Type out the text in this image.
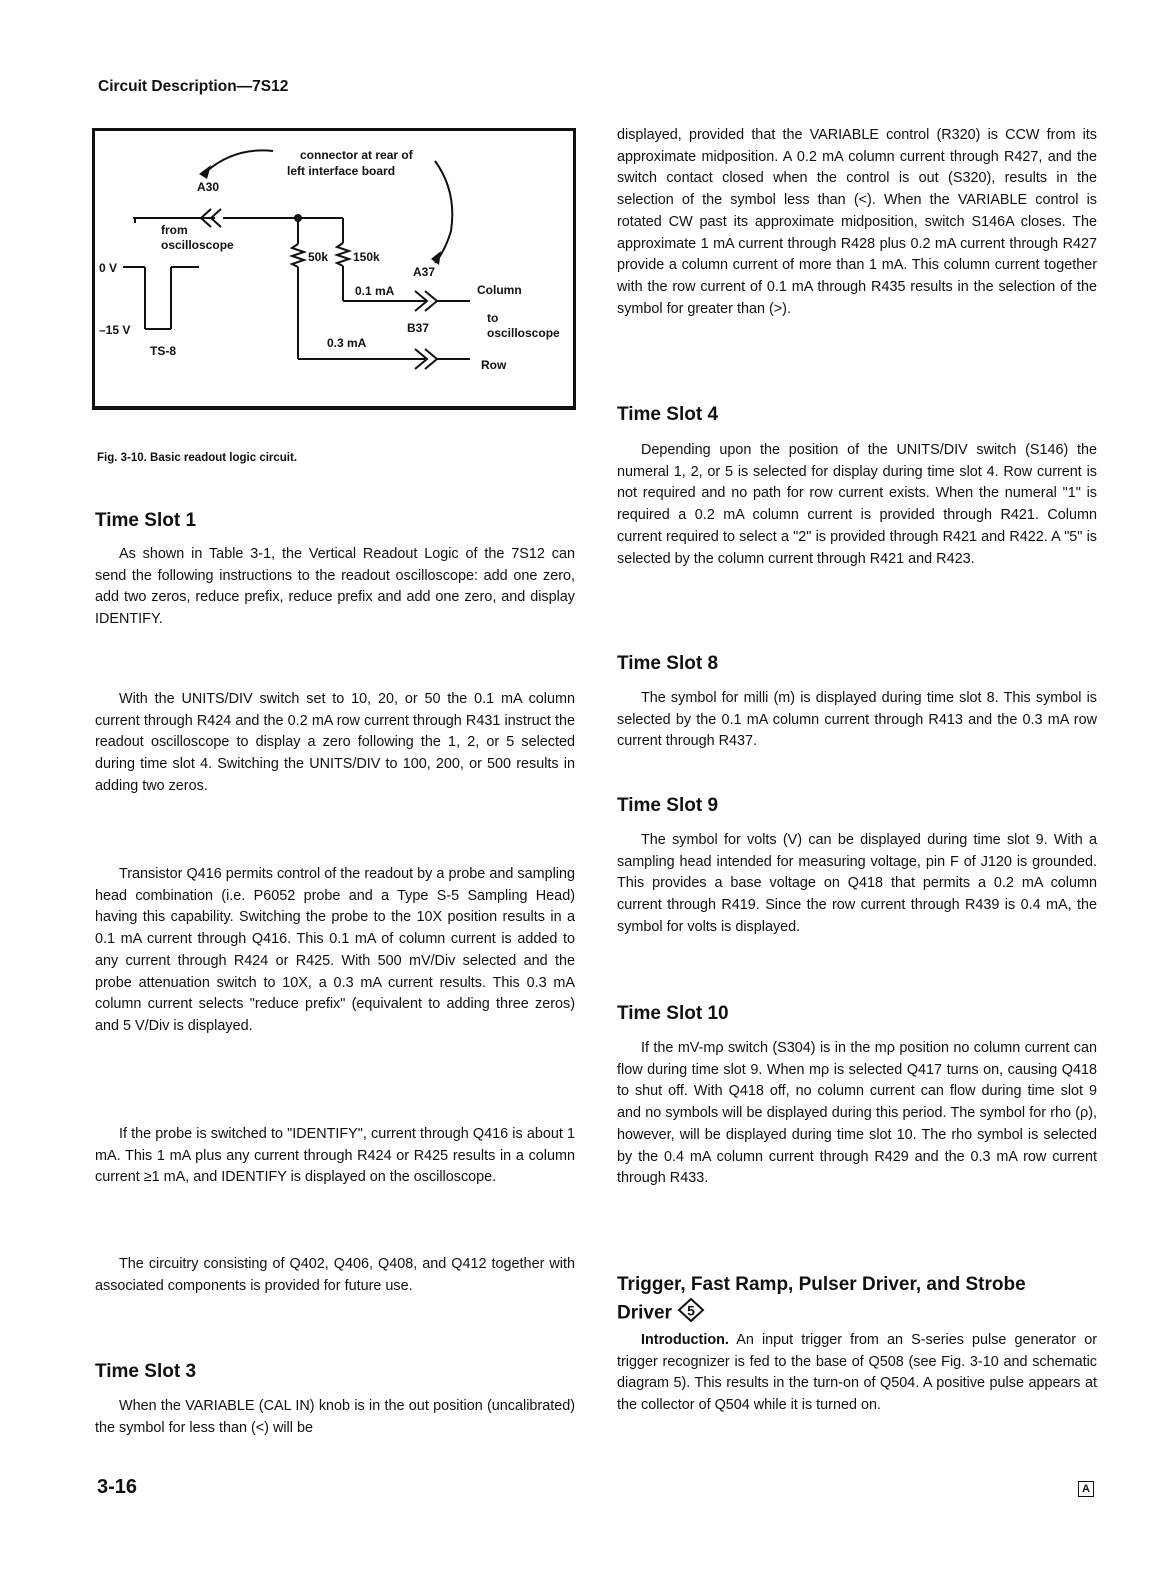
Circuit Description—7S12
connector at rear of
left interface board
A30
from
oscilloscope
0 V
–15 V
TS-8
50k 150k
A37
0.1 mA	Column
to
oscilloscope
B37
0.3 mA
Row
Fig. 3-10. Basic readout logic circuit.
Time Slot 1

As shown in Table 3-1, the Vertical Readout Logic of the 7S12 can send the following instructions to the readout oscilloscope: add one zero, add two zeros, reduce prefix, reduce prefix and add one zero, and display IDENTIFY.

With the UNITS/DIV switch set to 10, 20, or 50 the 0.1 mA column current through R424 and the 0.2 mA row current through R431 instruct the readout oscilloscope to display a zero following the 1, 2, or 5 selected during time slot 4. Switching the UNITS/DIV to 100, 200, or 500 results in adding two zeros.

Transistor Q416 permits control of the readout by a probe and sampling head combination (i.e. P6052 probe and a Type S-5 Sampling Head) having this capability. Switching the probe to the 10X position results in a 0.1 mA current through Q416. This 0.1 mA of column current is added to any current through R424 or R425. With 500 mV/Div selected and the probe attenuation switch to 10X, a 0.3 mA current results. This 0.3 mA column current selects "reduce prefix" (equivalent to adding three zeros) and 5 V/Div is displayed.

If the probe is switched to "IDENTIFY", current through Q416 is about 1 mA. This 1 mA plus any current through R424 or R425 results in a column current ≥1 mA, and IDENTIFY is displayed on the oscilloscope.

The circuitry consisting of Q402, Q406, Q408, and Q412 together with associated components is provided for future use.

Time Slot 3

When the VARIABLE (CAL IN) knob is in the out position (uncalibrated) the symbol for less than (<) will be

displayed, provided that the VARIABLE control (R320) is CCW from its approximate midposition. A 0.2 mA column current through R427, and the switch contact closed when the control is out (S320), results in the selection of the symbol less than (<). When the VARIABLE control is rotated CW past its approximate midposition, switch S146A closes. The approximate 1 mA current through R428 plus 0.2 mA current through R427 provide a column current of more than 1 mA. This column current together with the row current of 0.1 mA through R435 results in the selection of the symbol for greater than (>).

Time Slot 4

Depending upon the position of the UNITS/DIV switch (S146) the numeral 1, 2, or 5 is selected for display during time slot 4. Row current is not required and no path for row current exists. When the numeral "1" is required a 0.2 mA column current is provided through R421. Column current required to select a "2" is provided through R421 and R422. A "5" is selected by the column current through R421 and R423.

Time Slot 8

The symbol for milli (m) is displayed during time slot 8. This symbol is selected by the 0.1 mA column current through R413 and the 0.3 mA row current through R437.

Time Slot 9

The symbol for volts (V) can be displayed during time slot 9. With a sampling head intended for measuring voltage, pin F of J120 is grounded. This provides a base voltage on Q418 that permits a 0.2 mA column current through R419. Since the row current through R439 is 0.4 mA, the symbol for volts is displayed.

Time Slot 10

If the mV-mρ switch (S304) is in the mρ position no column current can flow during time slot 9. When mρ is selected Q417 turns on, causing Q418 to shut off. With Q418 off, no column current can flow during time slot 9 and no symbols will be displayed during this period. The symbol for rho (ρ), however, will be displayed during time slot 10. The rho symbol is selected by the 0.4 mA column current through R429 and the 0.3 mA row current through R433.

Trigger, Fast Ramp, Pulser Driver, and Strobe
Driver 5

Introduction. An input trigger from an S-series pulse generator or trigger recognizer is fed to the base of Q508 (see Fig. 3-10 and schematic diagram 5). This results in the turn-on of Q504. A positive pulse appears at the collector of Q504 while it is turned on.

3-16	A
